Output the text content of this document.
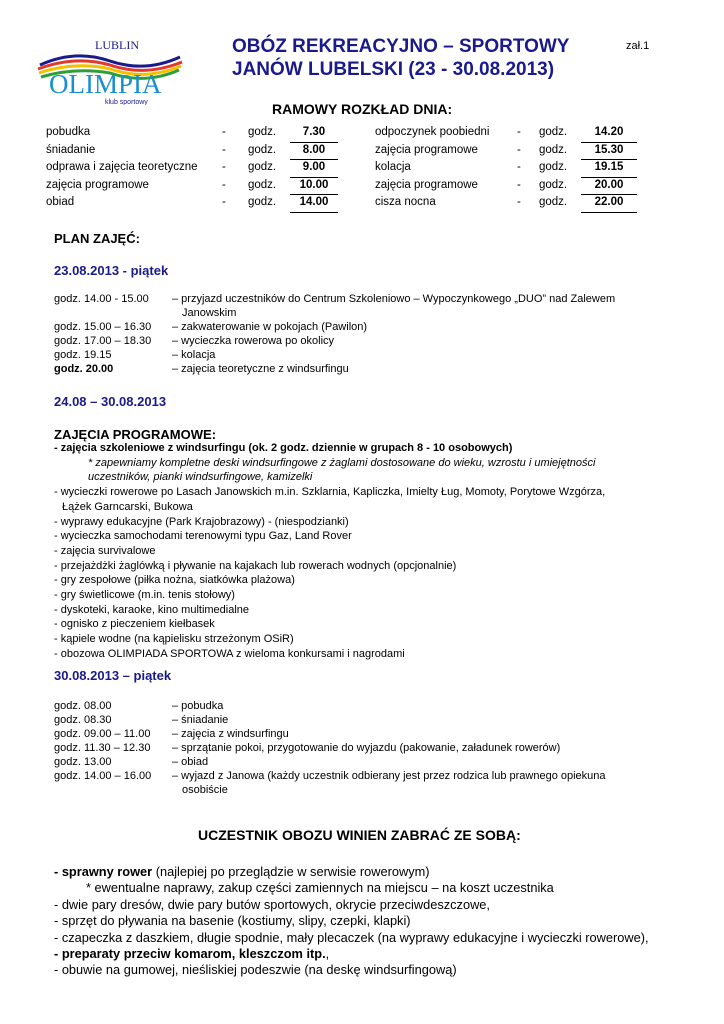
LUBLIN
OLIMPIA
klub sportowy
OBÓZ REKREACYJNO – SPORTOWY
JANÓW LUBELSKI (23 - 30.08.2013)
zał.1
RAMOWY ROZKŁAD DNIA:
pobudka	- godz. 7.30
śniadanie	- godz. 8.00
odprawa i zajęcia teoretyczne - godz. 9.00
zajęcia programowe	- godz. 10.00
obiad	- godz. 14.00
odpoczynek poobiedni - godz. 14.20
zajęcia programowe	- godz. 15.30
kolacja	- godz. 19.15
zajęcia programowe	- godz. 20.00
cisza nocna	- godz. 22.00
PLAN ZAJĘĆ:
23.08.2013 - piątek
godz. 14.00 - 15.00	– przyjazd uczestników do Centrum Szkoleniowo – Wypoczynkowego „DUO” nad Zalewem
Janowskim
godz. 15.00 – 16.30	– zakwaterowanie w pokojach (Pawilon)
godz. 17.00 – 18.30	– wycieczka rowerowa po okolicy
godz. 19.15	– kolacja
godz. 20.00	– zajęcia teoretyczne z windsurfingu
24.08 – 30.08.2013
ZAJĘCIA PROGRAMOWE:
- zajęcia szkoleniowe z windsurfingu (ok. 2 godz. dziennie w grupach 8 - 10 osobowych)
* zapewniamy kompletne deski windsurfingowe z żaglami dostosowane do wieku, wzrostu i umiejętności
uczestników, pianki windsurfingowe, kamizelki
- wycieczki rowerowe po Lasach Janowskich m.in. Szklarnia, Kapliczka, Imielty Ług, Momoty, Porytowe Wzgórza,
Łążek Garncarski, Bukowa
- wyprawy edukacyjne (Park Krajobrazowy) - (niespodzianki)
- wycieczka samochodami terenowymi typu Gaz, Land Rover
- zajęcia survivalowe
- przejażdżki żaglówką i pływanie na kajakach lub rowerach wodnych (opcjonalnie)
- gry zespołowe (piłka nożna, siatkówka plażowa)
- gry świetlicowe (m.in. tenis stołowy)
- dyskoteki, karaoke, kino multimedialne
- ognisko z pieczeniem kiełbasek
- kąpiele wodne (na kąpielisku strzeżonym OSiR)
- obozowa OLIMPIADA SPORTOWA z wieloma konkursami i nagrodami
30.08.2013 – piątek
godz. 08.00	– pobudka
godz. 08.30	– śniadanie
godz. 09.00 – 11.00	– zajęcia z windsurfingu
godz. 11.30 – 12.30	– sprzątanie pokoi, przygotowanie do wyjazdu (pakowanie, załadunek rowerów)
godz. 13.00	– obiad
godz. 14.00 – 16.00	– wyjazd z Janowa (każdy uczestnik odbierany jest przez rodzica lub prawnego opiekuna
osobiście
UCZESTNIK OBOZU WINIEN ZABRAĆ ZE SOBĄ:
- sprawny rower (najlepiej po przeglądzie w serwisie rowerowym)
* ewentualne naprawy, zakup części zamiennych na miejscu – na koszt uczestnika
- dwie pary dresów, dwie pary butów sportowych, okrycie przeciwdeszczowe,
- sprzęt do pływania na basenie (kostiumy, slipy, czepki, klapki)
- czapeczka z daszkiem, długie spodnie, mały plecaczek (na wyprawy edukacyjne i wycieczki rowerowe),
- preparaty przeciw komarom, kleszczom itp.,
- obuwie na gumowej, nieśliskiej podeszwie (na deskę windsurfingową)
